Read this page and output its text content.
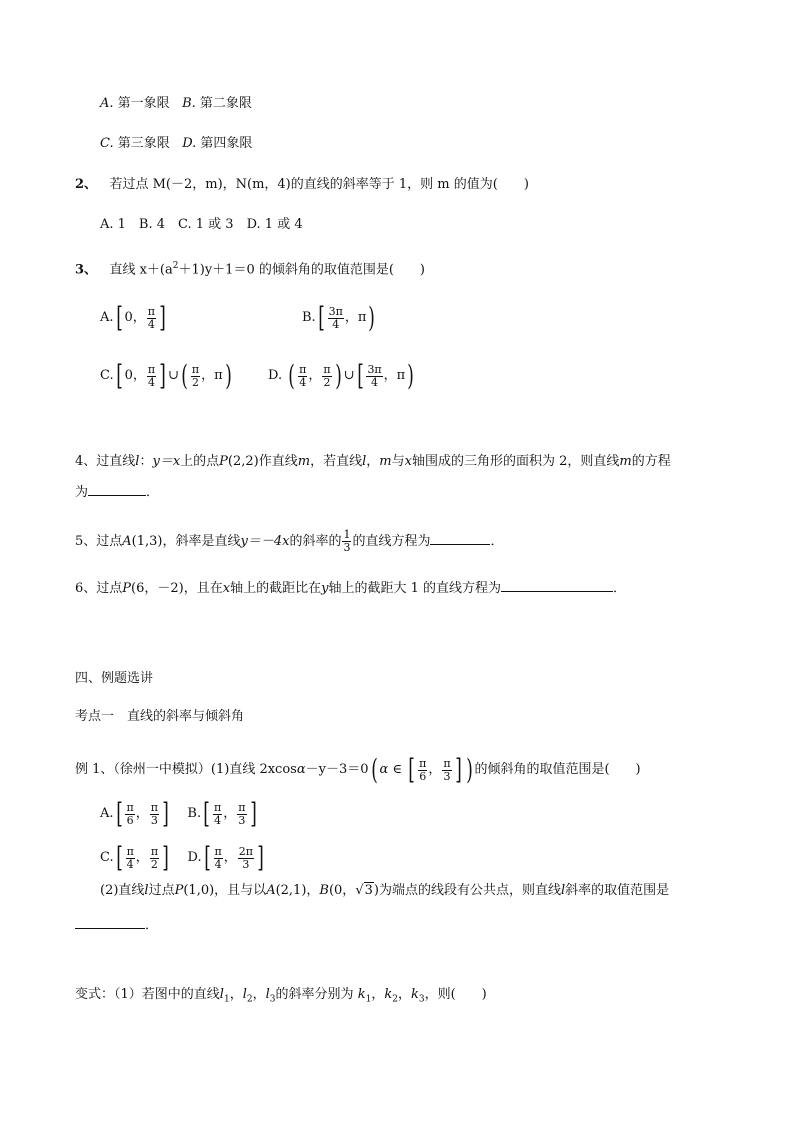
A. 第一象限 B. 第二象限
C. 第三象限 D. 第四象限
2、 若过点 M(－2，m)，N(m，4)的直线的斜率等于 1，则 m 的值为(　　)
A. 1　B. 4　C. 1 或 3　D. 1 或 4
3、 直线 $x+(a^2+1)y+1=0$ 的倾斜角的取值范围是(　　)
A. [ 0， $\frac{\pi}{4}$ ]	B. [ $\frac{3\pi}{4}$ ，π )
C. [ 0， $\frac{\pi}{4}$ ] ∪ ( $\frac{\pi}{2}$ ，π )	D.
( $\frac{\pi}{4}$ ， $\frac{\pi}{2}$ ) ∪ [ $\frac{3\pi}{4}$ ，π )
4、过直线l：y＝x上的点P(2,2)作直线m，若直线l，m与x轴围成的三角形的面积为 2，则直线m的方程
为	．
5、过点A(1,3)，斜率是直线y＝－4x的斜率的 $\frac{1}{3}$ 的直线方程为	．
6、过点P(6，－2)，且在x轴上的截距比在y轴上的截距大 1 的直线方程为	．
四、例题选讲
考点一　直线的斜率与倾斜角
例 1、（徐州一中模拟）(1)直线 2xcos α －y－3＝0 ( α
∈
[ $\frac{\pi}{6}$ ， $\frac{\pi}{3}$ ] ) 的倾斜角的取值范围是(　　)
A. [ $\frac{\pi}{6}$ ， $\frac{\pi}{3}$ ]
B. [ $\frac{\pi}{4}$ ， $\frac{\pi}{3}$ ]
C. [ $\frac{\pi}{4}$ ， $\frac{\pi}{2}$ ]
D. [ $\frac{\pi}{4}$ ， $\frac{2\pi}{3}$ ]
(2)直线l过点P(1,0)，且与以A(2,1)，B(0，√3)为端点的线段有公共点，则直线l斜率的取值范围是
．
变式：（1）若图中的直线$l_1$，$l_2$，$l_3$的斜率分别为 $k_1$，$k_2$，$k_3$，则(　　)
